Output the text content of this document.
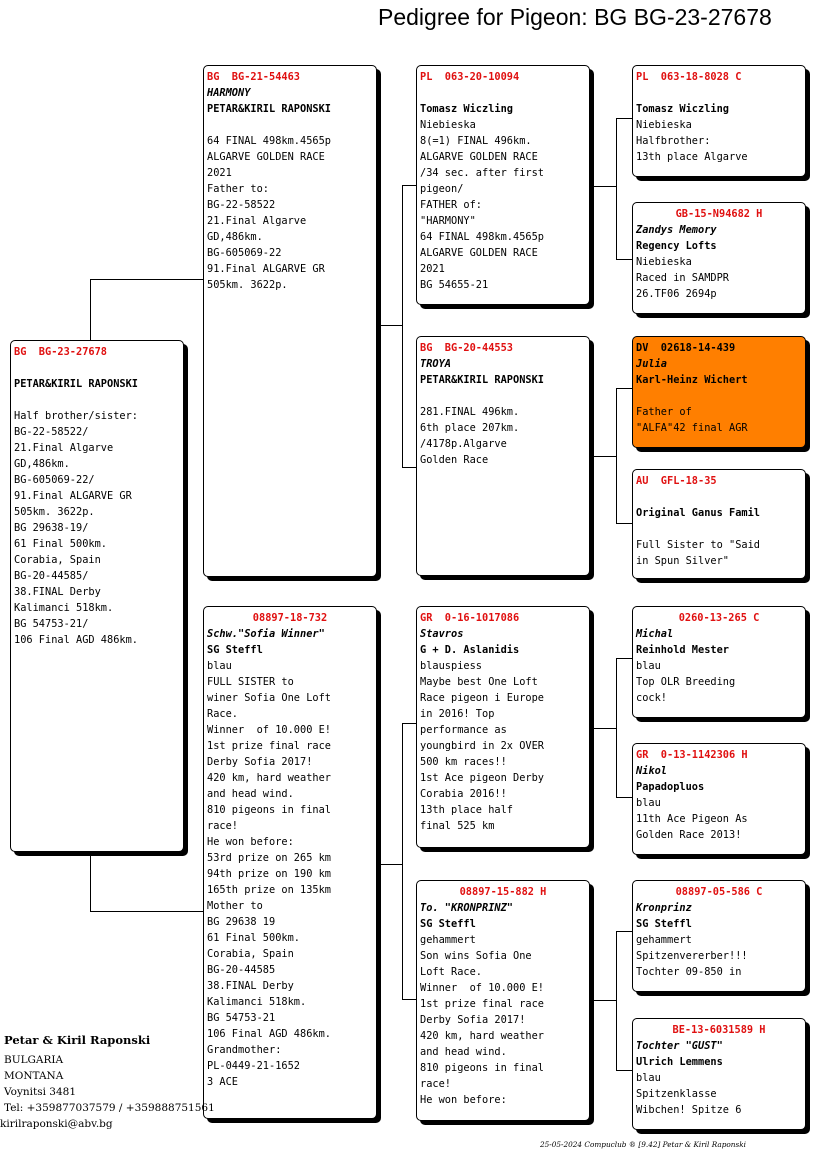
Pedigree for Pigeon: BG BG-23-27678
BG  BG-23-27678
PETAR&KIRIL RAPONSKI
Half brother/sister:
BG-22-58522/
21.Final Algarve
GD,486km.
BG-605069-22/
91.Final ALGARVE GR
505km. 3622p.
BG 29638-19/
61 Final 500km.
Corabia, Spain
BG-20-44585/
38.FINAL Derby
Kalimanci 518km.
BG 54753-21/
106 Final AGD 486km.
BG  BG-21-54463
HARMONY
PETAR&KIRIL RAPONSKI
64 FINAL 498km.4565p
ALGARVE GOLDEN RACE
2021
Father to:
BG-22-58522
21.Final Algarve
GD,486km.
BG-605069-22
91.Final ALGARVE GR
505km. 3622p.
08897-18-732
Schw."Sofia Winner"
SG Steffl
blau
FULL SISTER to
winer Sofia One Loft
Race.
Winner  of 10.000 E!
1st prize final race
Derby Sofia 2017!
420 km, hard weather
and head wind.
810 pigeons in final
race!
He won before:
53rd prize on 265 km
94th prize on 190 km
165th prize on 135km
Mother to
BG 29638 19
61 Final 500km.
Corabia, Spain
BG-20-44585
38.FINAL Derby
Kalimanci 518km.
BG 54753-21
106 Final AGD 486km.
Grandmother:
PL-0449-21-1652
3 ACE
PL  063-20-10094
Tomasz Wiczling
Niebieska
8(=1) FINAL 496km.
ALGARVE GOLDEN RACE
/34 sec. after first
pigeon/
FATHER of:
"HARMONY"
64 FINAL 498km.4565p
ALGARVE GOLDEN RACE
2021
BG 54655-21
BG  BG-20-44553
TROYA
PETAR&KIRIL RAPONSKI
281.FINAL 496km.
6th place 207km.
/4178p.Algarve
Golden Race
GR  0-16-1017086
Stavros
G + D. Aslanidis
blauspiess
Maybe best One Loft
Race pigeon i Europe
in 2016! Top
performance as
youngbird in 2x OVER
500 km races!!
1st Ace pigeon Derby
Corabia 2016!!
13th place half
final 525 km
08897-15-882 H
To. "KRONPRINZ"
SG Steffl
gehammert
Son wins Sofia One
Loft Race.
Winner  of 10.000 E!
1st prize final race
Derby Sofia 2017!
420 km, hard weather
and head wind.
810 pigeons in final
race!
He won before:
PL  063-18-8028 C
Tomasz Wiczling
Niebieska
Halfbrother:
13th place Algarve
GB-15-N94682 H
Zandys Memory
Regency Lofts
Niebieska
Raced in SAMDPR
26.TF06 2694p
DV  02618-14-439
Julia
Karl-Heinz Wichert
Father of
"ALFA"42 final AGR
AU  GFL-18-35
Original Ganus Famil
Full Sister to "Said
in Spun Silver"
0260-13-265 C
Michal
Reinhold Mester
blau
Top OLR Breeding
cock!
GR  0-13-1142306 H
Nikol
Papadopluos
blau
11th Ace Pigeon As
Golden Race 2013!
08897-05-586 C
Kronprinz
SG Steffl
gehammert
Spitzenvererber!!!
Tochter 09-850 in
BE-13-6031589 H
Tochter "GUST"
Ulrich Lemmens
blau
Spitzenklasse
Wibchen! Spitze 6
Petar & Kiril Raponski
BULGARIA
MONTANA
Voynitsi 3481
Tel: +359877037579 / +359888751561
kirilraponski@abv.bg
25-05-2024 Compuclub ® [9.42] Petar & Kiril Raponski
